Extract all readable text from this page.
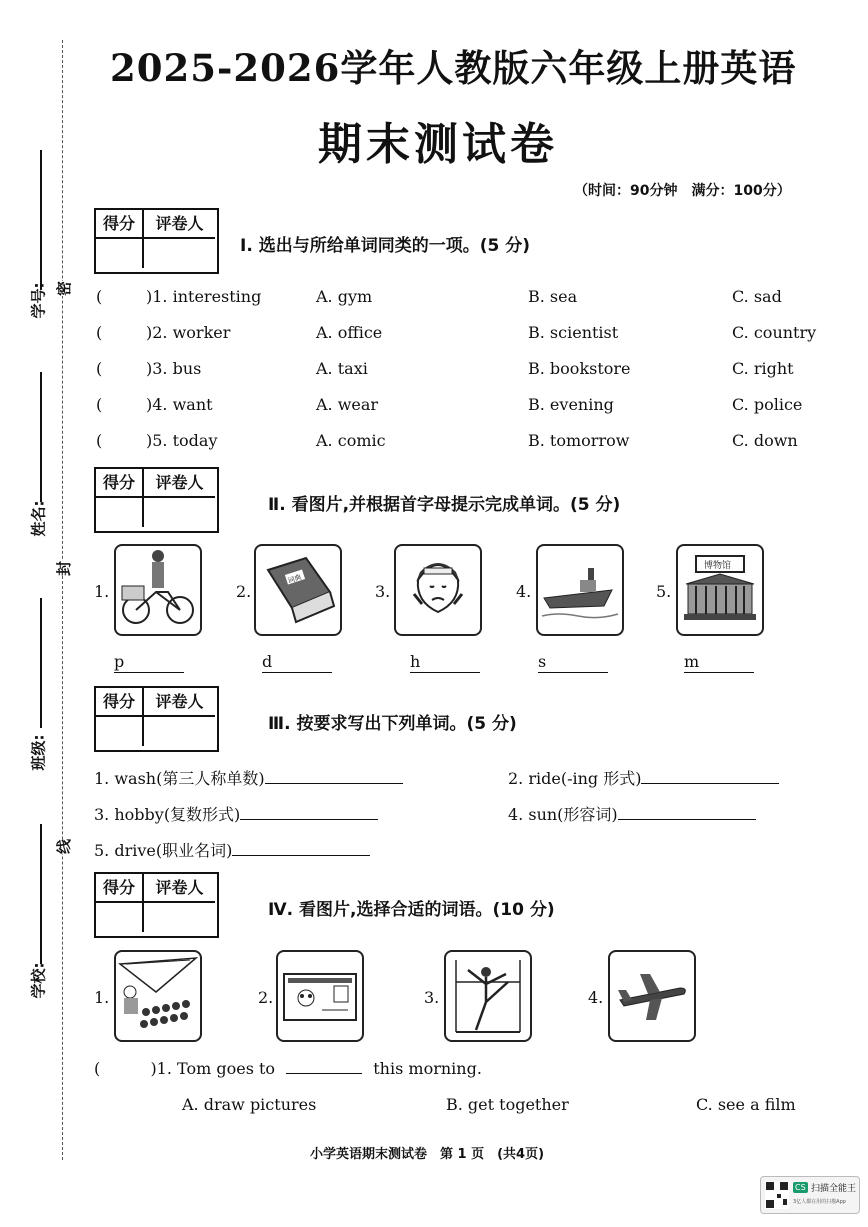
学号: 密
姓名:
封
班级:
线
学校:
2025-2026学年人教版六年级上册英语
期末测试卷
（时间：90分钟　满分：100分）
得分	评卷人
Ⅰ. 选出与所给单词同类的一项。(5 分)
(	)1. interesting	A. gym	B. sea	C. sad
(	)2. worker	A. office	B. scientist	C. country
(	)3. bus	A. taxi	B. bookstore	C. right
(	)4. want	A. wear	B. evening	C. police
(	)5. today	A. comic	B. tomorrow	C. down
得分	评卷人
Ⅱ. 看图片,并根据首字母提示完成单词。(5 分)
1.	2.
词典
3.	4.	5.
博物馆
p	d	h	s	m
得分	评卷人
Ⅲ. 按要求写出下列单词。(5 分)
1. wash(第三人称单数)	2. ride(-ing 形式)
3. hobby(复数形式)	4. sun(形容词)
5. drive(职业名词)
得分	评卷人
Ⅳ. 看图片,选择合适的词语。(10 分)
1.	2.	3.	4.
(	)1. Tom goes to	this morning.
A. draw pictures	B. get together	C. see a film
小学英语期末测试卷　第 1 页　(共4页)
CS 扫描全能王
3亿人都在用的扫描App
